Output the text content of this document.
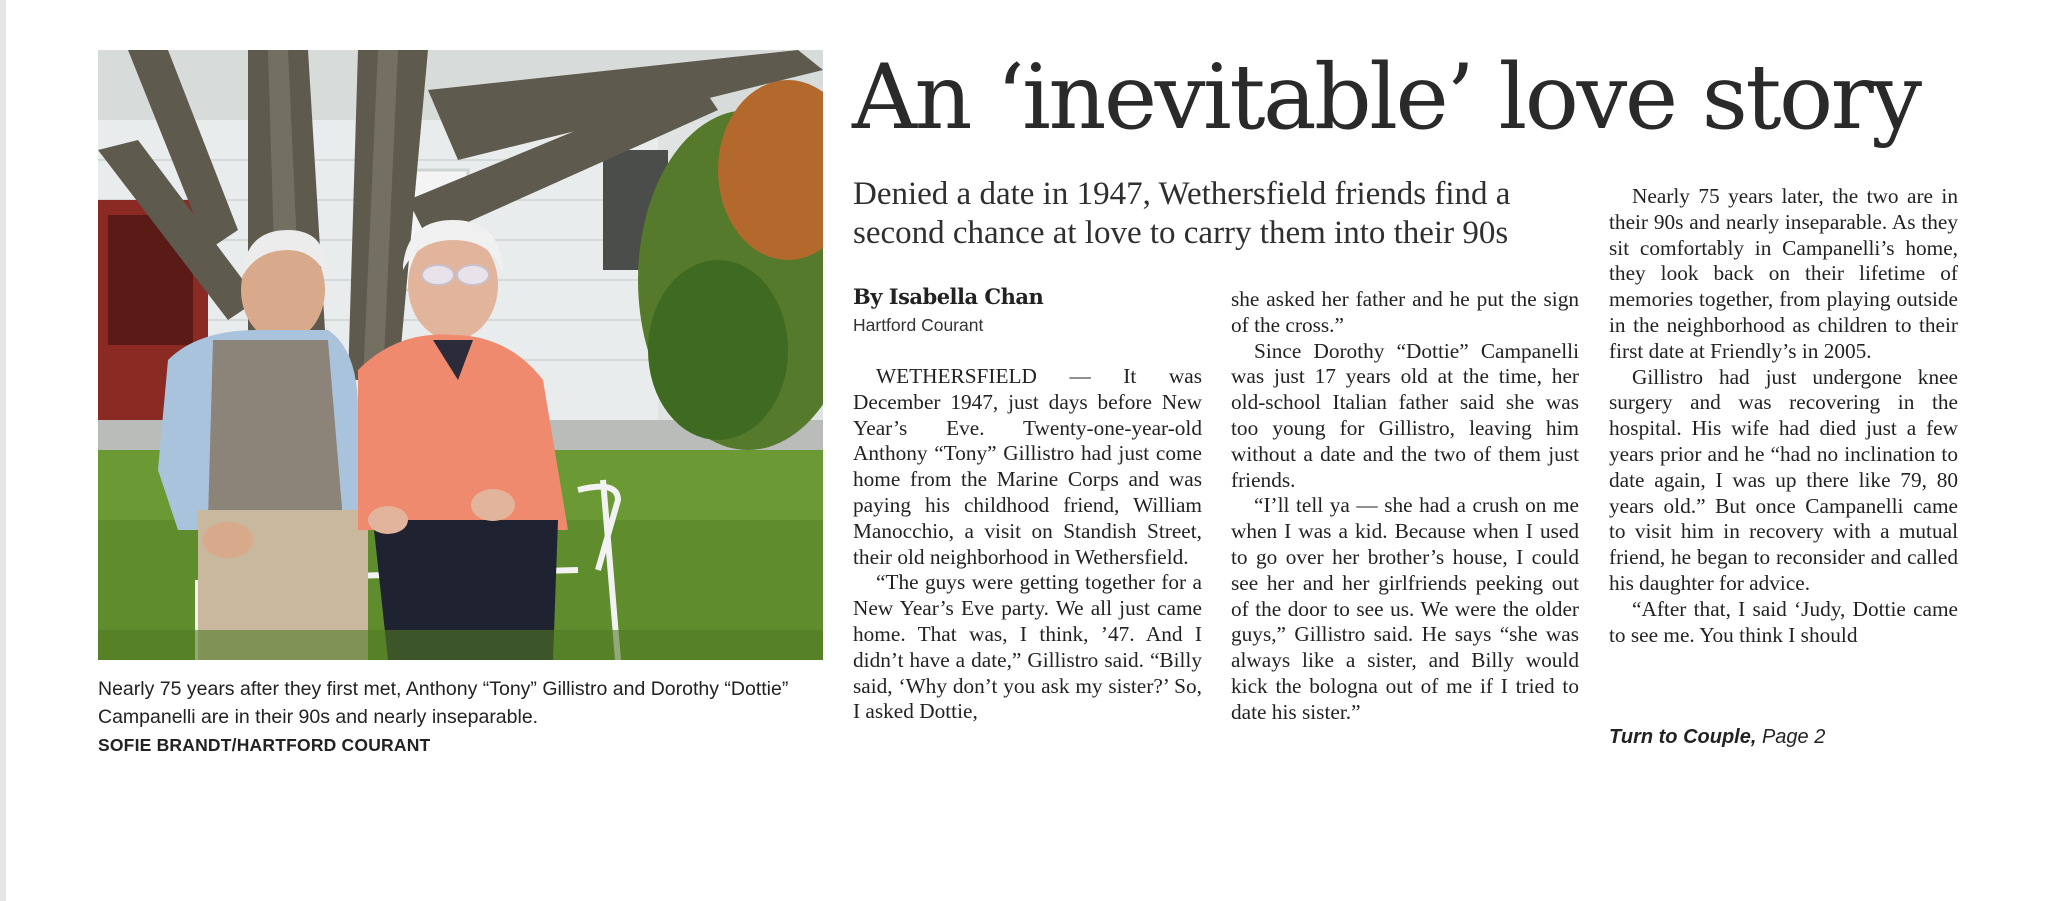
Nearly 75 years after they first met, Anthony “Tony” Gillistro and Dorothy “Dottie” Campanelli are in their 90s and nearly inseparable.
SOFIE BRANDT/HARTFORD COURANT
An ‘inevitable’ love story
Denied a date in 1947, Wethersfield friends find a second chance at love to carry them into their 90s
By Isabella Chan
Hartford Courant

WETHERSFIELD — It was December 1947, just days before New Year’s Eve. Twenty-one-year-old Anthony “Tony” Gillistro had just come home from the Marine Corps and was paying his childhood friend, William Manocchio, a visit on Standish Street, their old neighborhood in Wethersfield.

“The guys were getting together for a New Year’s Eve party. We all just came home. That was, I think, ’47. And I didn’t have a date,” Gillistro said. “Billy said, ‘Why don’t you ask my sister?’ So, I asked Dottie,

she asked her father and he put the sign of the cross.”

Since Dorothy “Dottie” Campanelli was just 17 years old at the time, her old-school Italian father said she was too young for Gillistro, leaving him without a date and the two of them just friends.

“I’ll tell ya — she had a crush on me when I was a kid. Because when I used to go over her brother’s house, I could see her and her girlfriends peeking out of the door to see us. We were the older guys,” Gillistro said. He says “she was always like a sister, and Billy would kick the bologna out of me if I tried to date his sister.”

Nearly 75 years later, the two are in their 90s and nearly inseparable. As they sit comfortably in Campanelli’s home, they look back on their lifetime of memories together, from playing outside in the neighborhood as children to their first date at Friendly’s in 2005.

Gillistro had just undergone knee surgery and was recovering in the hospital. His wife had died just a few years prior and he “had no inclination to date again, I was up there like 79, 80 years old.” But once Campanelli came to visit him in recovery with a mutual friend, he began to reconsider and called his daughter for advice.

“After that, I said ‘Judy, Dottie came to see me. You think I should

Turn to Couple, Page 2
